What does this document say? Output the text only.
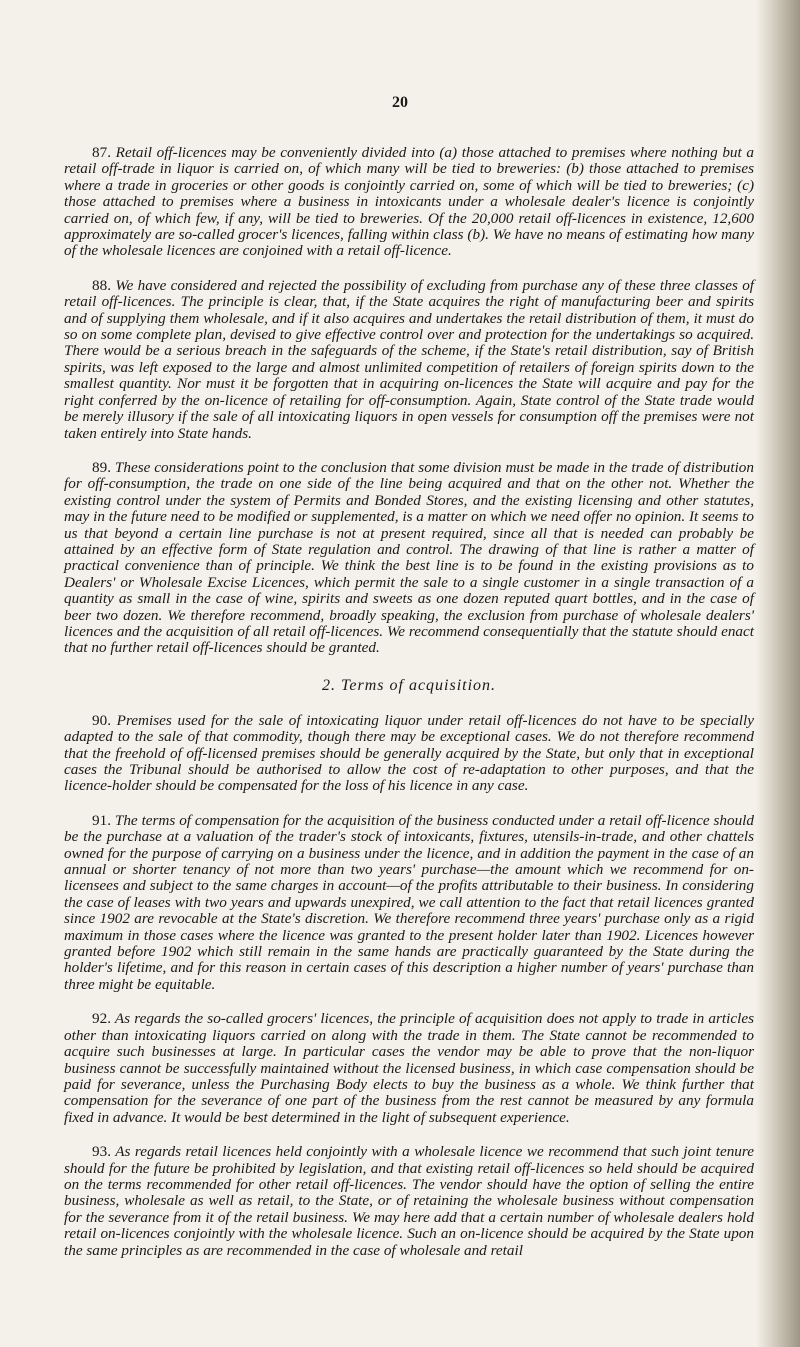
20

87. Retail off-licences may be conveniently divided into (a) those attached to premises where nothing but a retail off-trade in liquor is carried on, of which many will be tied to breweries: (b) those attached to premises where a trade in groceries or other goods is conjointly carried on, some of which will be tied to breweries; (c) those attached to premises where a business in intoxicants under a wholesale dealer's licence is conjointly carried on, of which few, if any, will be tied to breweries. Of the 20,000 retail off-licences in existence, 12,600 approximately are so-called grocer's licences, falling within class (b). We have no means of estimating how many of the wholesale licences are conjoined with a retail off-licence.

88. We have considered and rejected the possibility of excluding from purchase any of these three classes of retail off-licences. The principle is clear, that, if the State acquires the right of manufacturing beer and spirits and of supplying them wholesale, and if it also acquires and undertakes the retail distribution of them, it must do so on some complete plan, devised to give effective control over and protection for the undertakings so acquired. There would be a serious breach in the safeguards of the scheme, if the State's retail distribution, say of British spirits, was left exposed to the large and almost unlimited competition of retailers of foreign spirits down to the smallest quantity. Nor must it be forgotten that in acquiring on-licences the State will acquire and pay for the right conferred by the on-licence of retailing for off-consumption. Again, State control of the State trade would be merely illusory if the sale of all intoxicating liquors in open vessels for consumption off the premises were not taken entirely into State hands.

89. These considerations point to the conclusion that some division must be made in the trade of distribution for off-consumption, the trade on one side of the line being acquired and that on the other not. Whether the existing control under the system of Permits and Bonded Stores, and the existing licensing and other statutes, may in the future need to be modified or supplemented, is a matter on which we need offer no opinion. It seems to us that beyond a certain line purchase is not at present required, since all that is needed can probably be attained by an effective form of State regulation and control. The drawing of that line is rather a matter of practical convenience than of principle. We think the best line is to be found in the existing provisions as to Dealers' or Wholesale Excise Licences, which permit the sale to a single customer in a single transaction of a quantity as small in the case of wine, spirits and sweets as one dozen reputed quart bottles, and in the case of beer two dozen. We therefore recommend, broadly speaking, the exclusion from purchase of wholesale dealers' licences and the acquisition of all retail off-licences. We recommend consequentially that the statute should enact that no further retail off-licences should be granted.

2. Terms of acquisition.

90. Premises used for the sale of intoxicating liquor under retail off-licences do not have to be specially adapted to the sale of that commodity, though there may be exceptional cases. We do not therefore recommend that the freehold of off-licensed premises should be generally acquired by the State, but only that in exceptional cases the Tribunal should be authorised to allow the cost of re-adaptation to other purposes, and that the licence-holder should be compensated for the loss of his licence in any case.

91. The terms of compensation for the acquisition of the business conducted under a retail off-licence should be the purchase at a valuation of the trader's stock of intoxicants, fixtures, utensils-in-trade, and other chattels owned for the purpose of carrying on a business under the licence, and in addition the payment in the case of an annual or shorter tenancy of not more than two years' purchase—the amount which we recommend for on-licensees and subject to the same charges in account—of the profits attributable to their business. In considering the case of leases with two years and upwards unexpired, we call attention to the fact that retail licences granted since 1902 are revocable at the State's discretion. We therefore recommend three years' purchase only as a rigid maximum in those cases where the licence was granted to the present holder later than 1902. Licences however granted before 1902 which still remain in the same hands are practically guaranteed by the State during the holder's lifetime, and for this reason in certain cases of this description a higher number of years' purchase than three might be equitable.

92. As regards the so-called grocers' licences, the principle of acquisition does not apply to trade in articles other than intoxicating liquors carried on along with the trade in them. The State cannot be recommended to acquire such businesses at large. In particular cases the vendor may be able to prove that the non-liquor business cannot be successfully maintained without the licensed business, in which case compensation should be paid for severance, unless the Purchasing Body elects to buy the business as a whole. We think further that compensation for the severance of one part of the business from the rest cannot be measured by any formula fixed in advance. It would be best determined in the light of subsequent experience.

93. As regards retail licences held conjointly with a wholesale licence we recommend that such joint tenure should for the future be prohibited by legislation, and that existing retail off-licences so held should be acquired on the terms recommended for other retail off-licences. The vendor should have the option of selling the entire business, wholesale as well as retail, to the State, or of retaining the wholesale business without compensation for the severance from it of the retail business. We may here add that a certain number of wholesale dealers hold retail on-licences conjointly with the wholesale licence. Such an on-licence should be acquired by the State upon the same principles as are recommended in the case of wholesale and retail
